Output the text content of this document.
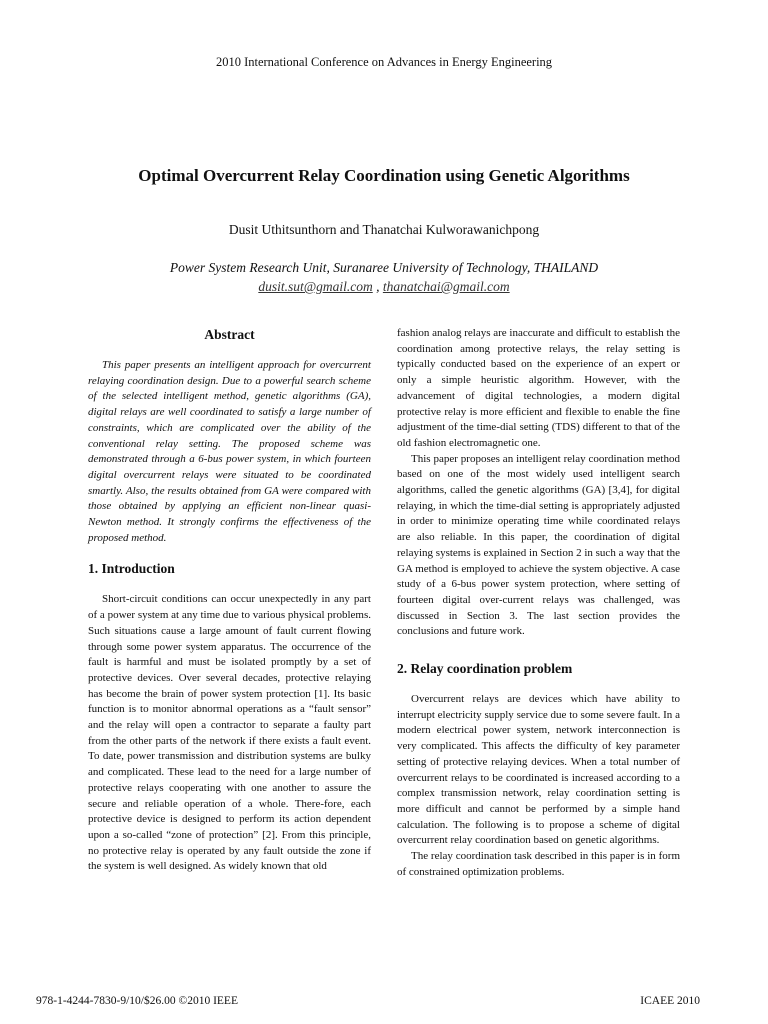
2010 International Conference on Advances in Energy Engineering
Optimal Overcurrent Relay Coordination using Genetic Algorithms
Dusit Uthitsunthorn and Thanatchai Kulworawanichpong
Power System Research Unit, Suranaree University of Technology, THAILAND
dusit.sut@gmail.com , thanatchai@gmail.com
Abstract

This paper presents an intelligent approach for overcurrent relaying coordination design. Due to a powerful search scheme of the selected intelligent method, genetic algorithms (GA), digital relays are well coordinated to satisfy a large number of constraints, which are complicated over the ability of the conventional relay setting. The proposed scheme was demonstrated through a 6-bus power system, in which fourteen digital overcurrent relays were situated to be coordinated smartly. Also, the results obtained from GA were compared with those obtained by applying an efficient non-linear quasi-Newton method. It strongly confirms the effectiveness of the proposed method.

1. Introduction

Short-circuit conditions can occur unexpectedly in any part of a power system at any time due to various physical problems. Such situations cause a large amount of fault current flowing through some power system apparatus. The occurrence of the fault is harmful and must be isolated promptly by a set of protective devices. Over several decades, protective relaying has become the brain of power system protection [1]. Its basic function is to monitor abnormal operations as a “fault sensor” and the relay will open a contractor to separate a faulty part from the other parts of the network if there exists a fault event. To date, power transmission and distribution systems are bulky and complicated. These lead to the need for a large number of protective relays cooperating with one another to assure the secure and reliable operation of a whole. There-fore, each protective device is designed to perform its action dependent upon a so-called “zone of protection” [2]. From this principle, no protective relay is operated by any fault outside the zone if the system is well designed. As widely known that old

fashion analog relays are inaccurate and difficult to establish the coordination among protective relays, the relay setting is typically conducted based on the experience of an expert or only a simple heuristic algorithm. However, with the advancement of digital technologies, a modern digital protective relay is more efficient and flexible to enable the fine adjustment of the time-dial setting (TDS) different to that of the old fashion electromagnetic one.

This paper proposes an intelligent relay coordination method based on one of the most widely used intelligent search algorithms, called the genetic algorithms (GA) [3,4], for digital relaying, in which the time-dial setting is appropriately adjusted in order to minimize operating time while coordinated relays are also reliable. In this paper, the coordination of digital relaying systems is explained in Section 2 in such a way that the GA method is employed to achieve the system objective. A case study of a 6-bus power system protection, where setting of fourteen digital over-current relays was challenged, was discussed in Section 3. The last section provides the conclusions and future work.

2. Relay coordination problem

Overcurrent relays are devices which have ability to interrupt electricity supply service due to some severe fault. In a modern electrical power system, network interconnection is very complicated. This affects the difficulty of key parameter setting of protective relaying devices. When a total number of overcurrent relays to be coordinated is increased according to a complex transmission network, relay coordination setting is more difficult and cannot be performed by a simple hand calculation. The following is to propose a scheme of digital overcurrent relay coordination based on genetic algorithms.

The relay coordination task described in this paper is in form of constrained optimization problems.

978-1-4244-7830-9/10/$26.00 ©2010 IEEE	ICAEE 2010
